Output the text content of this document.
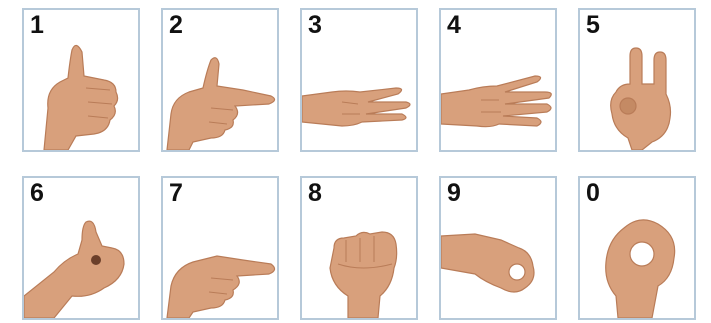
1	2	3	4	5
6	7	8	9	0
